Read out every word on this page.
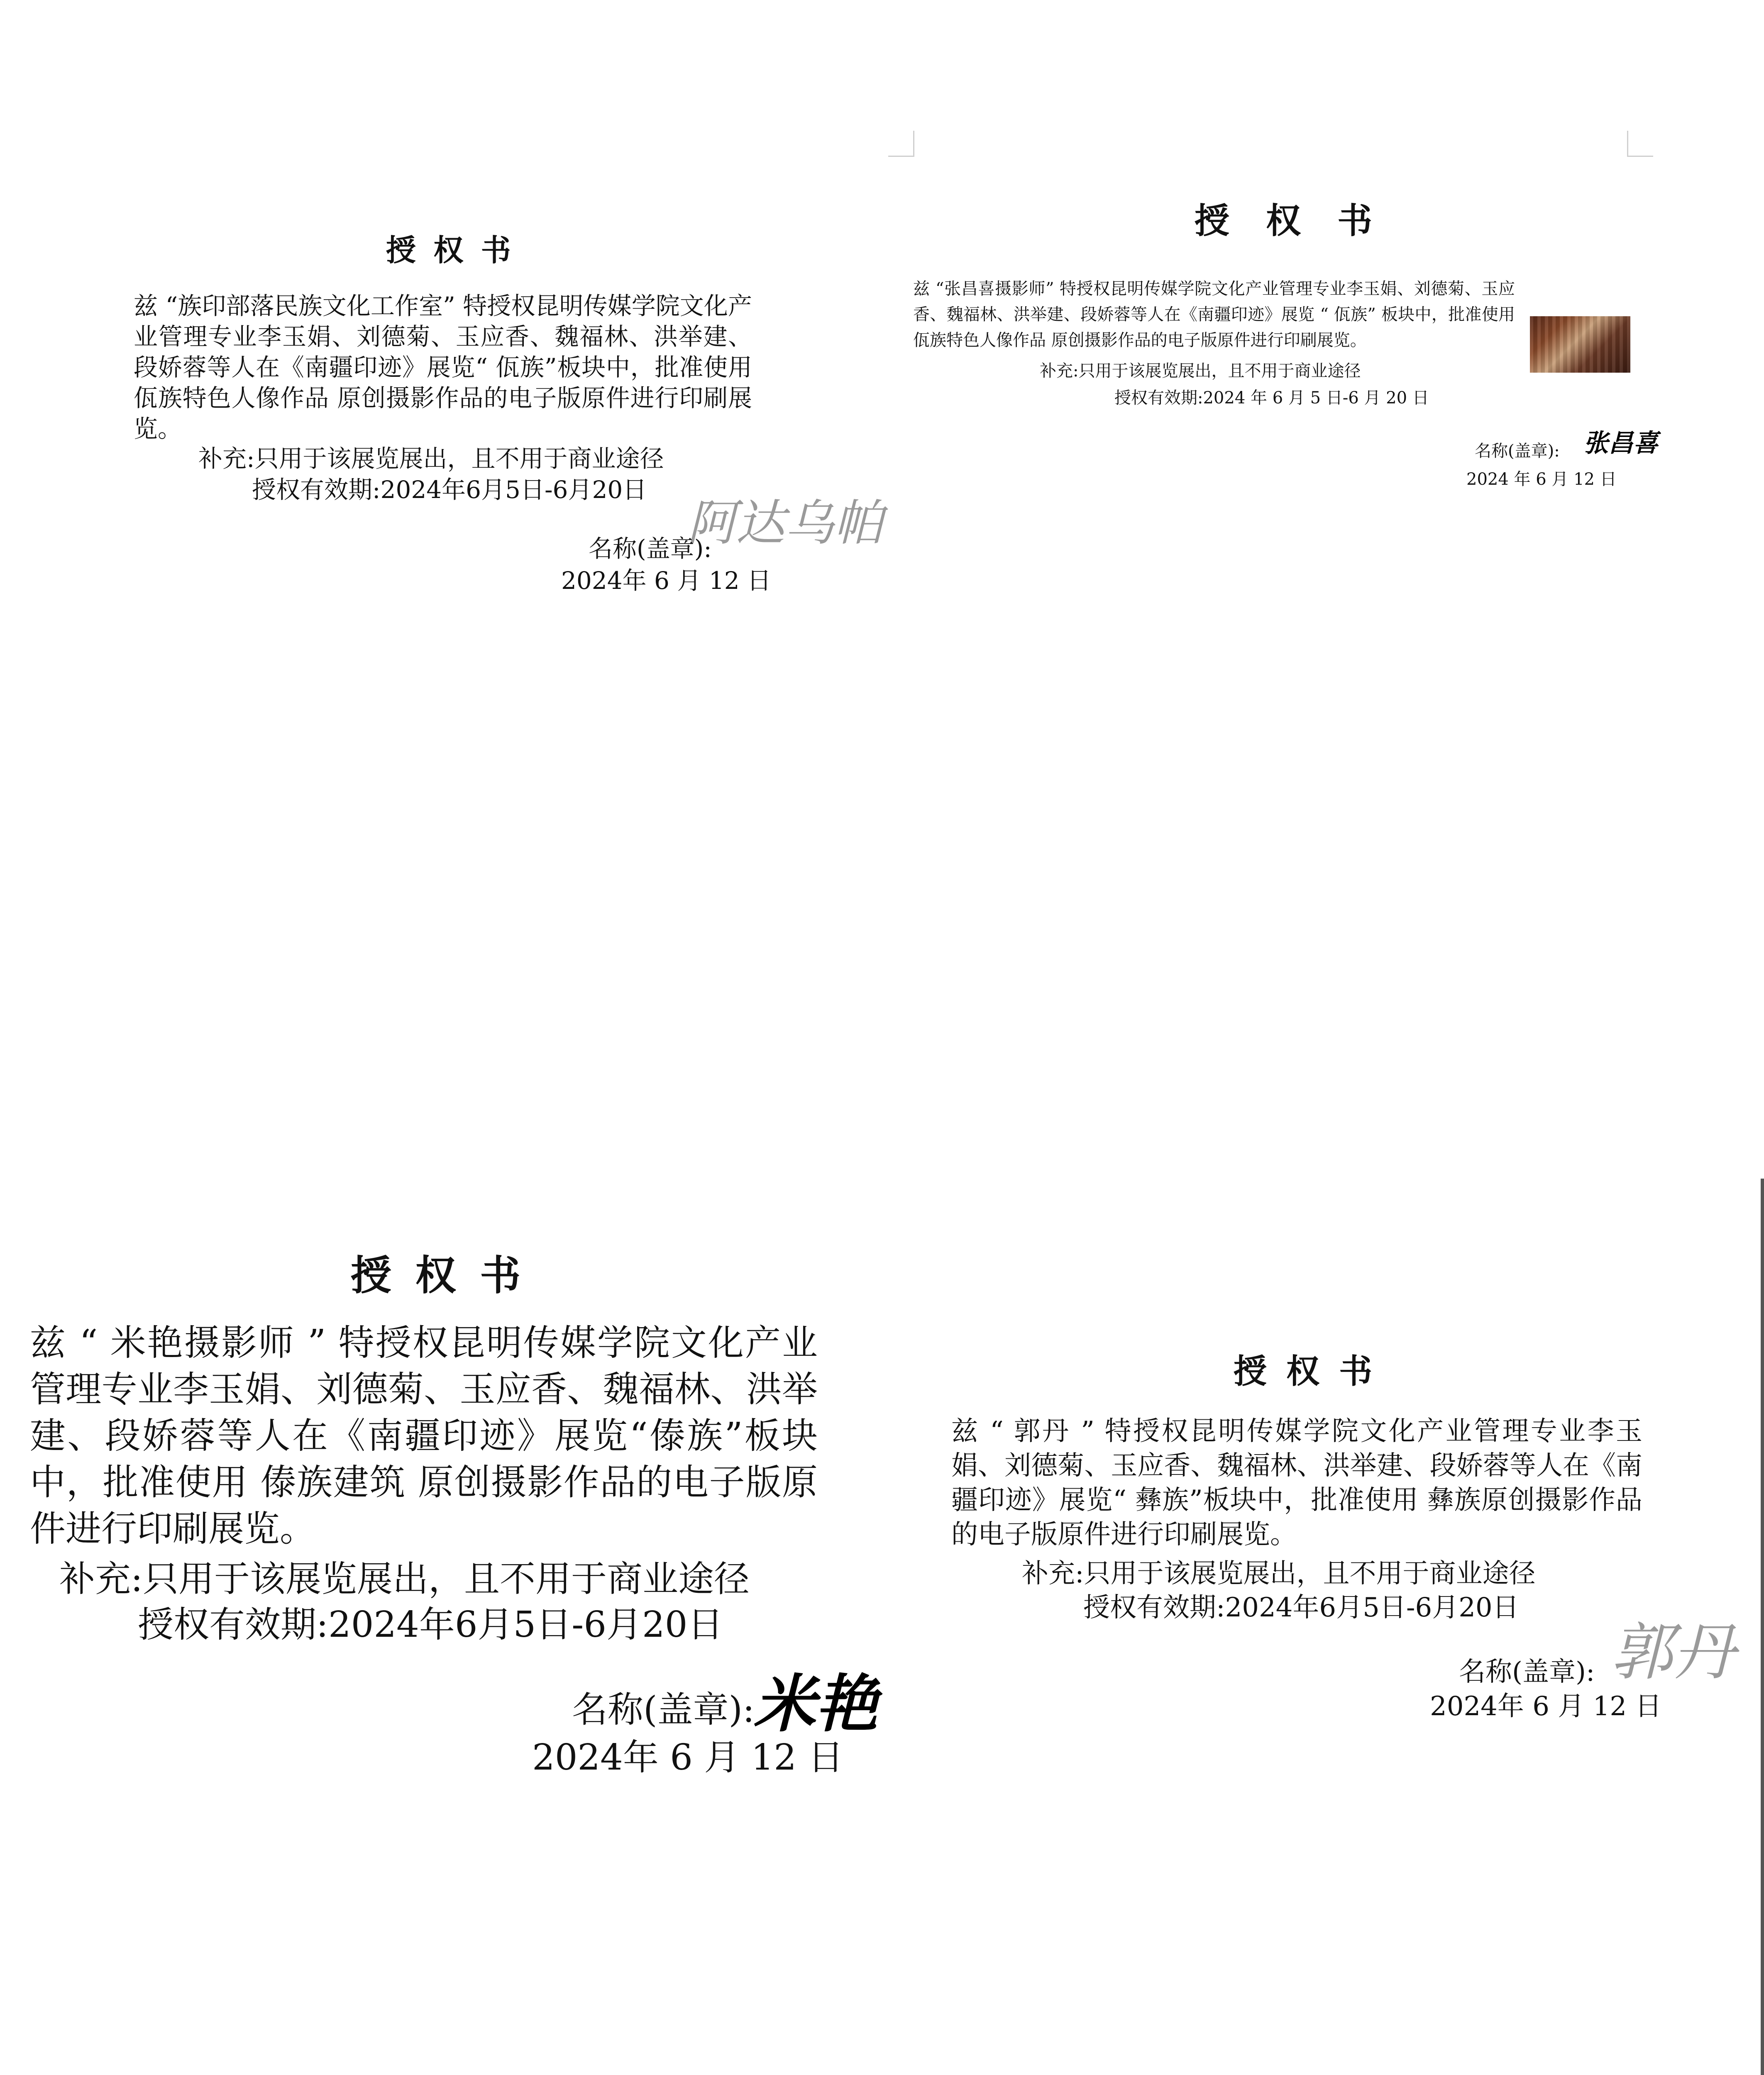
授 权 书
兹 “族印部落民族文化工作室” 特授权昆明传媒学院文化产业管理专业李玉娟、刘德菊、玉应香、魏福林、洪举建、段娇蓉等人在《南疆印迹》展览“ 佤族”板块中，批准使用 佤族特色人像作品 原创摄影作品的电子版原件进行印刷展览。
补充:只用于该展览展出，且不用于商业途径
授权有效期:2024年6月5日-6月20日
阿达乌帕
名称(盖章):
2024年 6 月 12 日
授 权 书
兹 “张昌喜摄影师” 特授权昆明传媒学院文化产业管理专业李玉娟、刘德菊、玉应香、魏福林、洪举建、段娇蓉等人在《南疆印迹》展览 “ 佤族” 板块中，批准使用佤族特色人像作品 原创摄影作品的电子版原件进行印刷展览。
补充:只用于该展览展出，且不用于商业途径
授权有效期:2024 年 6 月 5 日-6 月 20 日
名称(盖章): 张昌喜
2024 年 6 月 12 日
授 权 书
兹 “ 米艳摄影师 ” 特授权昆明传媒学院文化产业管理专业李玉娟、刘德菊、玉应香、魏福林、洪举建、段娇蓉等人在《南疆印迹》展览“傣族”板块中，批准使用 傣族建筑 原创摄影作品的电子版原件进行印刷展览。
补充:只用于该展览展出，且不用于商业途径
授权有效期:2024年6月5日-6月20日
名称(盖章):
米艳
2024年 6 月 12 日
授 权 书
兹 “ 郭丹 ” 特授权昆明传媒学院文化产业管理专业李玉娟、刘德菊、玉应香、魏福林、洪举建、段娇蓉等人在《南疆印迹》展览“ 彝族”板块中，批准使用 彝族原创摄影作品的电子版原件进行印刷展览。
补充:只用于该展览展出，且不用于商业途径
授权有效期:2024年6月5日-6月20日
郭丹
名称(盖章):
2024年 6 月 12 日
